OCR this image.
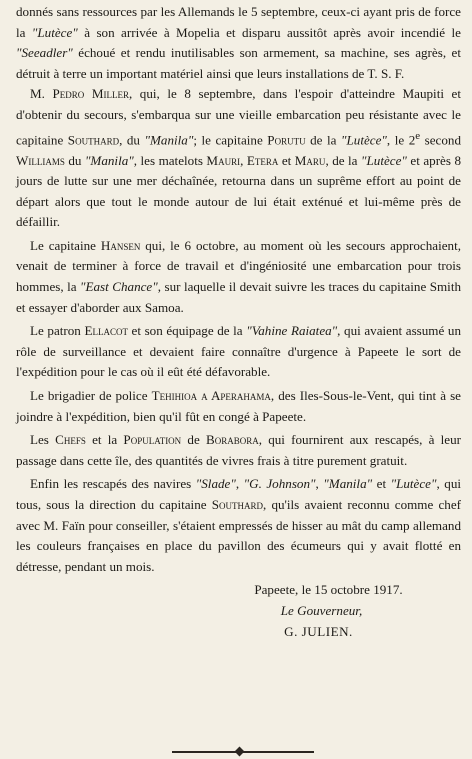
donnés sans ressources par les Allemands le 5 septembre, ceux-ci ayant pris de force la "Lutèce" à son arrivée à Mopelia et disparu aussitôt après avoir incendié le "Seeadler" échoué et rendu inutilisables son armement, sa machine, ses agrès, et détruit à terre un important matériel ainsi que leurs installations de T. S. F.

M. Pedro Miller, qui, le 8 septembre, dans l'espoir d'atteindre Maupiti et d'obtenir du secours, s'embarqua sur une vieille embarcation peu résistante avec le capitaine Southard, du "Manila"; le capitaine Porutu de la "Lutèce", le 2e second Williams du "Manila", les matelots Mauri, Etera et Maru, de la "Lutèce" et après 8 jours de lutte sur une mer déchaînée, retourna dans un suprême effort au point de départ alors que tout le monde autour de lui était exténué et lui-même près de défaillir.

Le capitaine Hansen qui, le 6 octobre, au moment où les secours approchaient, venait de terminer à force de travail et d'ingéniosité une embarcation pour trois hommes, la "East Chance", sur laquelle il devait suivre les traces du capitaine Smith et essayer d'aborder aux Samoa.

Le patron Ellacot et son équipage de la "Vahine Raiatea", qui avaient assumé un rôle de surveillance et devaient faire connaître d'urgence à Papeete le sort de l'expédition pour le cas où il eût été défavorable.

Le brigadier de police Tehihioa a Aperahama, des Iles-Sous-le-Vent, qui tint à se joindre à l'expédition, bien qu'il fût en congé à Papeete.

Les Chefs et la Population de Borabora, qui fournirent aux rescapés, à leur passage dans cette île, des quantités de vivres frais à titre purement gratuit.

Enfin les rescapés des navires "Slade", "G. Johnson", "Manila" et "Lutèce", qui tous, sous la direction du capitaine Southard, qu'ils avaient reconnu comme chef avec M. Faïn pour conseiller, s'étaient empressés de hisser au mât du camp allemand les couleurs françaises en place du pavillon des écumeurs qui y avait flotté en détresse, pendant un mois.

Papeete, le 15 octobre 1917.
Le Gouverneur,
G. JULIEN.
